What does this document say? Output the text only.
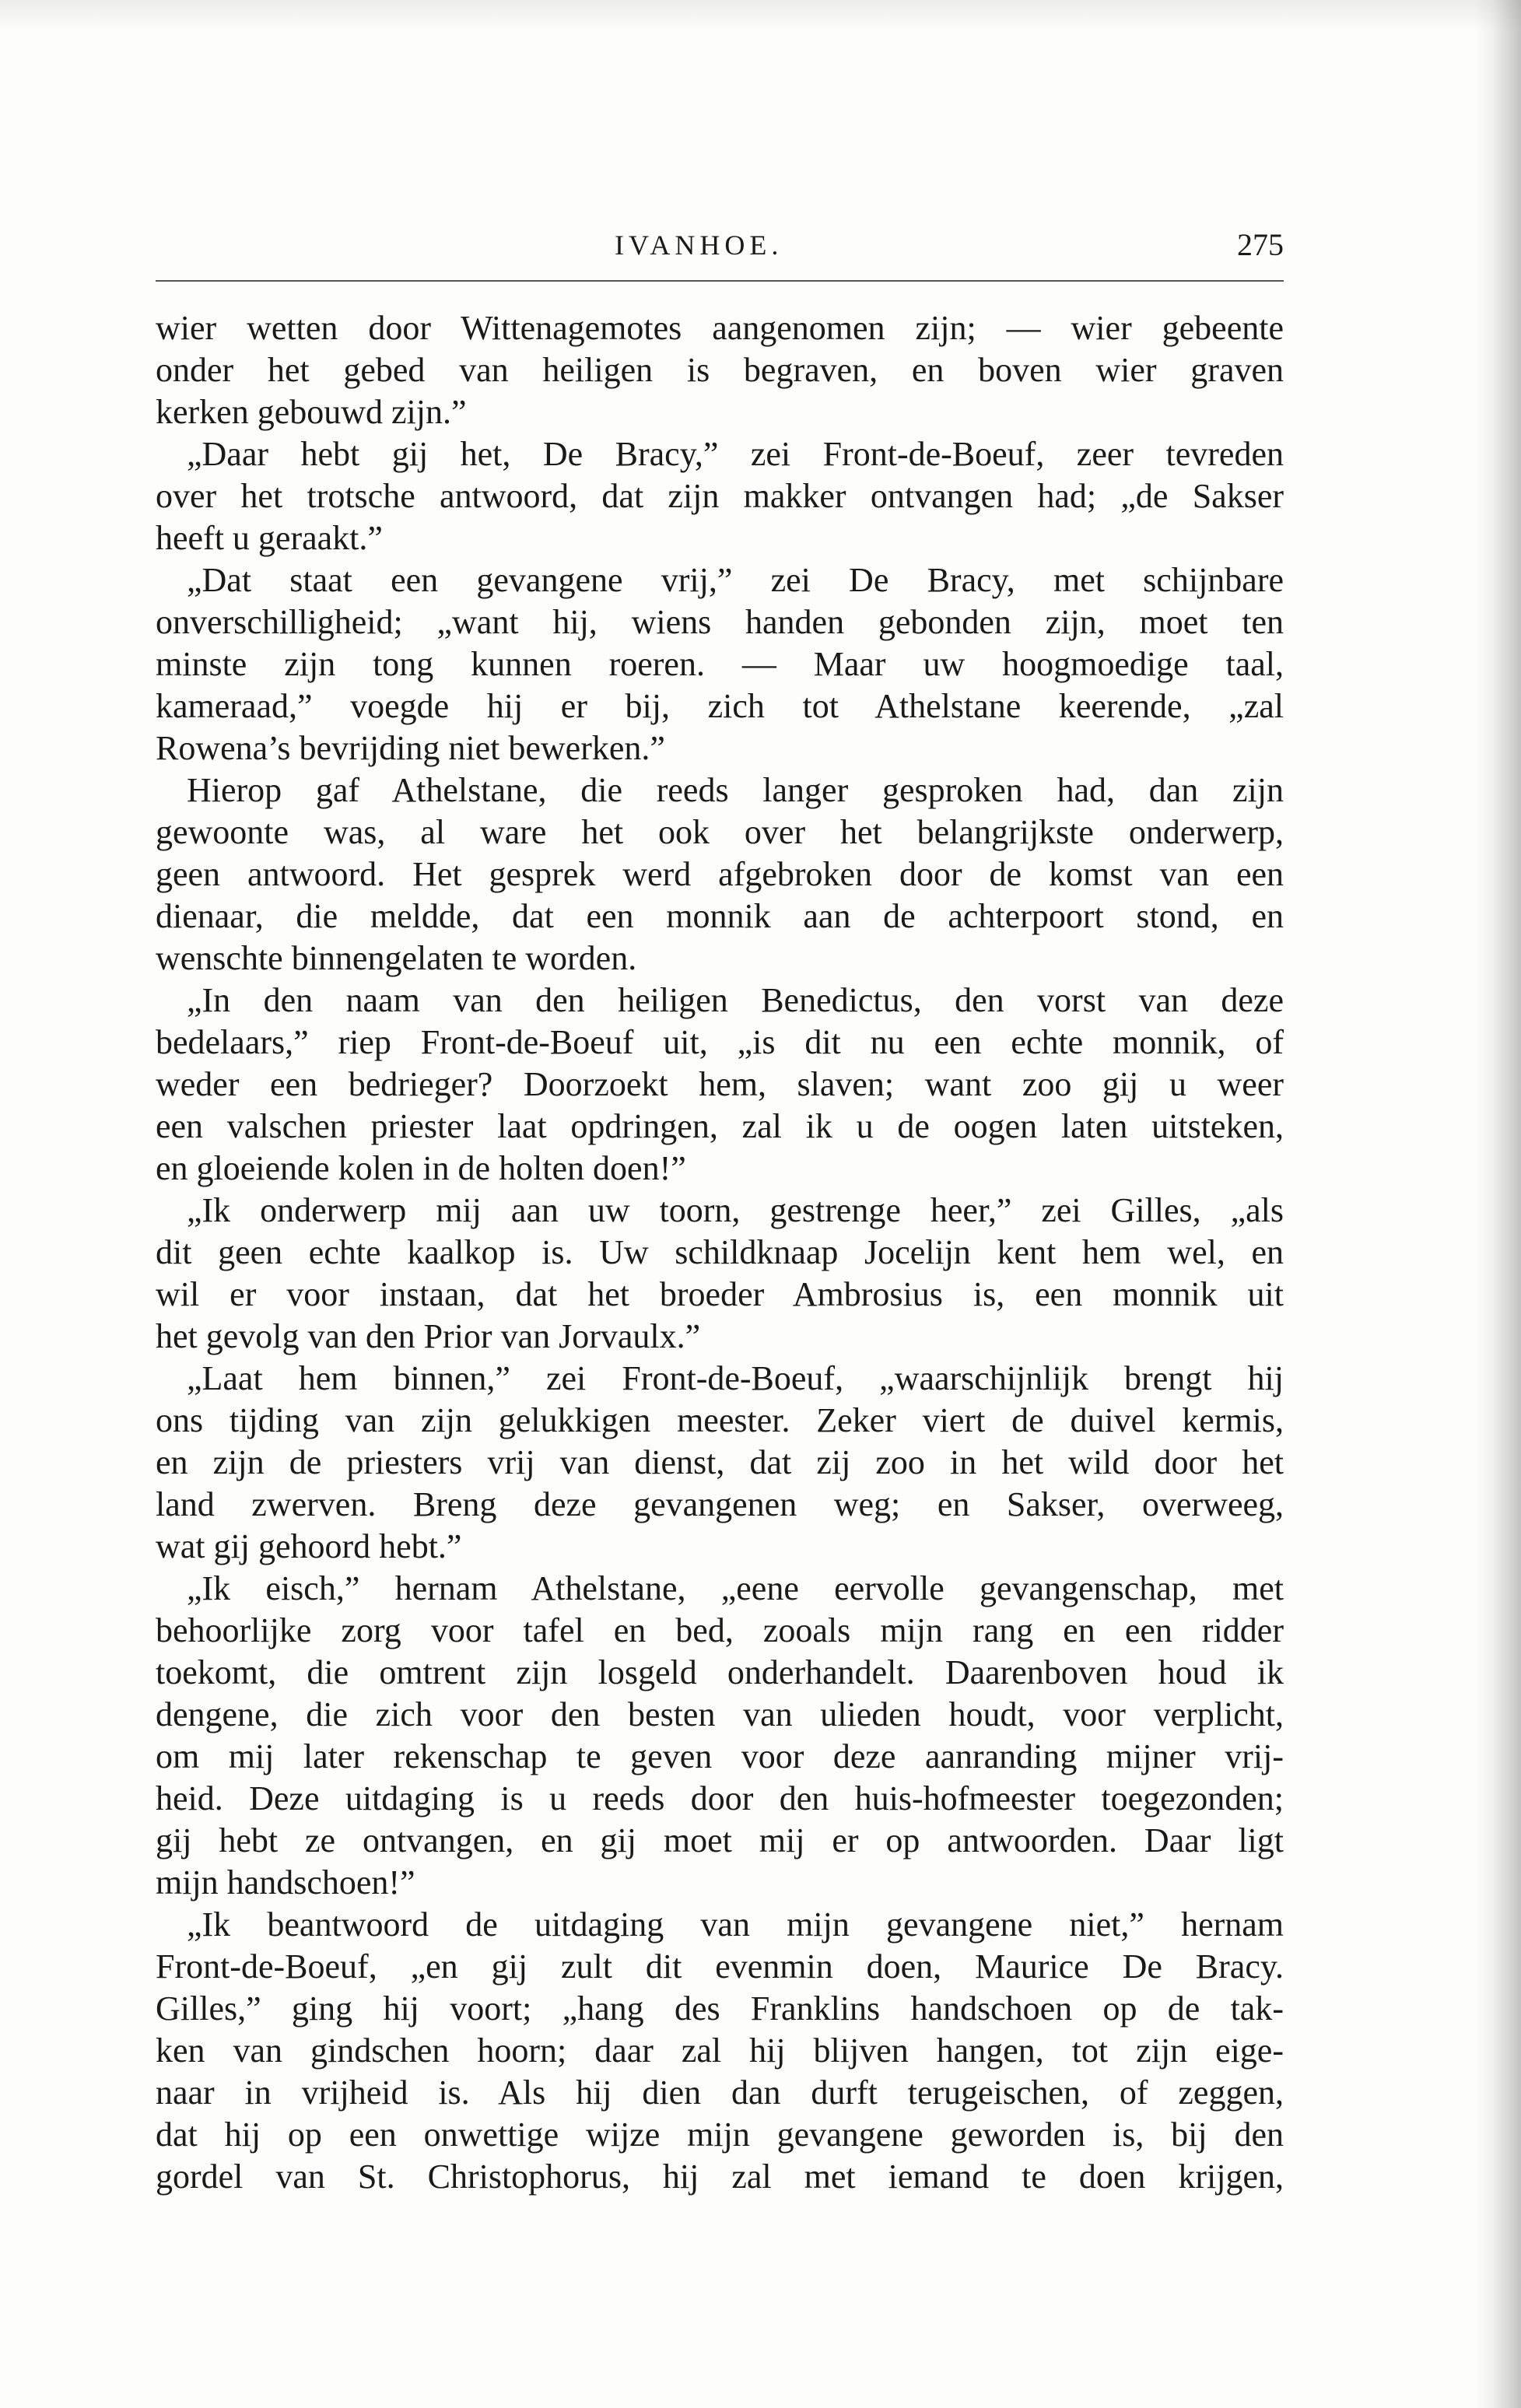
IVANHOE.	275
wier wetten door Wittenagemotes aangenomen zijn; — wier gebeente
onder het gebed van heiligen is begraven, en boven wier graven
kerken gebouwd zijn.”
„Daar hebt gij het, De Bracy,” zei Front-de-Boeuf, zeer tevreden
over het trotsche antwoord, dat zijn makker ontvangen had; „de Sakser
heeft u geraakt.”
„Dat staat een gevangene vrij,” zei De Bracy, met schijnbare
onverschilligheid; „want hij, wiens handen gebonden zijn, moet ten
minste zijn tong kunnen roeren. — Maar uw hoogmoedige taal,
kameraad,” voegde hij er bij, zich tot Athelstane keerende, „zal
Rowena’s bevrijding niet bewerken.”
Hierop gaf Athelstane, die reeds langer gesproken had, dan zijn
gewoonte was, al ware het ook over het belangrijkste onderwerp,
geen antwoord. Het gesprek werd afgebroken door de komst van een
dienaar, die meldde, dat een monnik aan de achterpoort stond, en
wenschte binnengelaten te worden.
„In den naam van den heiligen Benedictus, den vorst van deze
bedelaars,” riep Front-de-Boeuf uit, „is dit nu een echte monnik, of
weder een bedrieger? Doorzoekt hem, slaven; want zoo gij u weer
een valschen priester laat opdringen, zal ik u de oogen laten uitsteken,
en gloeiende kolen in de holten doen!”
„Ik onderwerp mij aan uw toorn, gestrenge heer,” zei Gilles, „als
dit geen echte kaalkop is. Uw schildknaap Jocelijn kent hem wel, en
wil er voor instaan, dat het broeder Ambrosius is, een monnik uit
het gevolg van den Prior van Jorvaulx.”
„Laat hem binnen,” zei Front-de-Boeuf, „waarschijnlijk brengt hij
ons tijding van zijn gelukkigen meester. Zeker viert de duivel kermis,
en zijn de priesters vrij van dienst, dat zij zoo in het wild door het
land zwerven. Breng deze gevangenen weg; en Sakser, overweeg,
wat gij gehoord hebt.”
„Ik eisch,” hernam Athelstane, „eene eervolle gevangenschap, met
behoorlijke zorg voor tafel en bed, zooals mijn rang en een ridder
toekomt, die omtrent zijn losgeld onderhandelt. Daarenboven houd ik
dengene, die zich voor den besten van ulieden houdt, voor verplicht,
om mij later rekenschap te geven voor deze aanranding mijner vrij-
heid. Deze uitdaging is u reeds door den huis-hofmeester toegezonden;
gij hebt ze ontvangen, en gij moet mij er op antwoorden. Daar ligt
mijn handschoen!”
„Ik beantwoord de uitdaging van mijn gevangene niet,” hernam
Front-de-Boeuf, „en gij zult dit evenmin doen, Maurice De Bracy.
Gilles,” ging hij voort; „hang des Franklins handschoen op de tak-
ken van gindschen hoorn; daar zal hij blijven hangen, tot zijn eige-
naar in vrijheid is. Als hij dien dan durft terugeischen, of zeggen,
dat hij op een onwettige wijze mijn gevangene geworden is, bij den
gordel van St. Christophorus, hij zal met iemand te doen krijgen,
